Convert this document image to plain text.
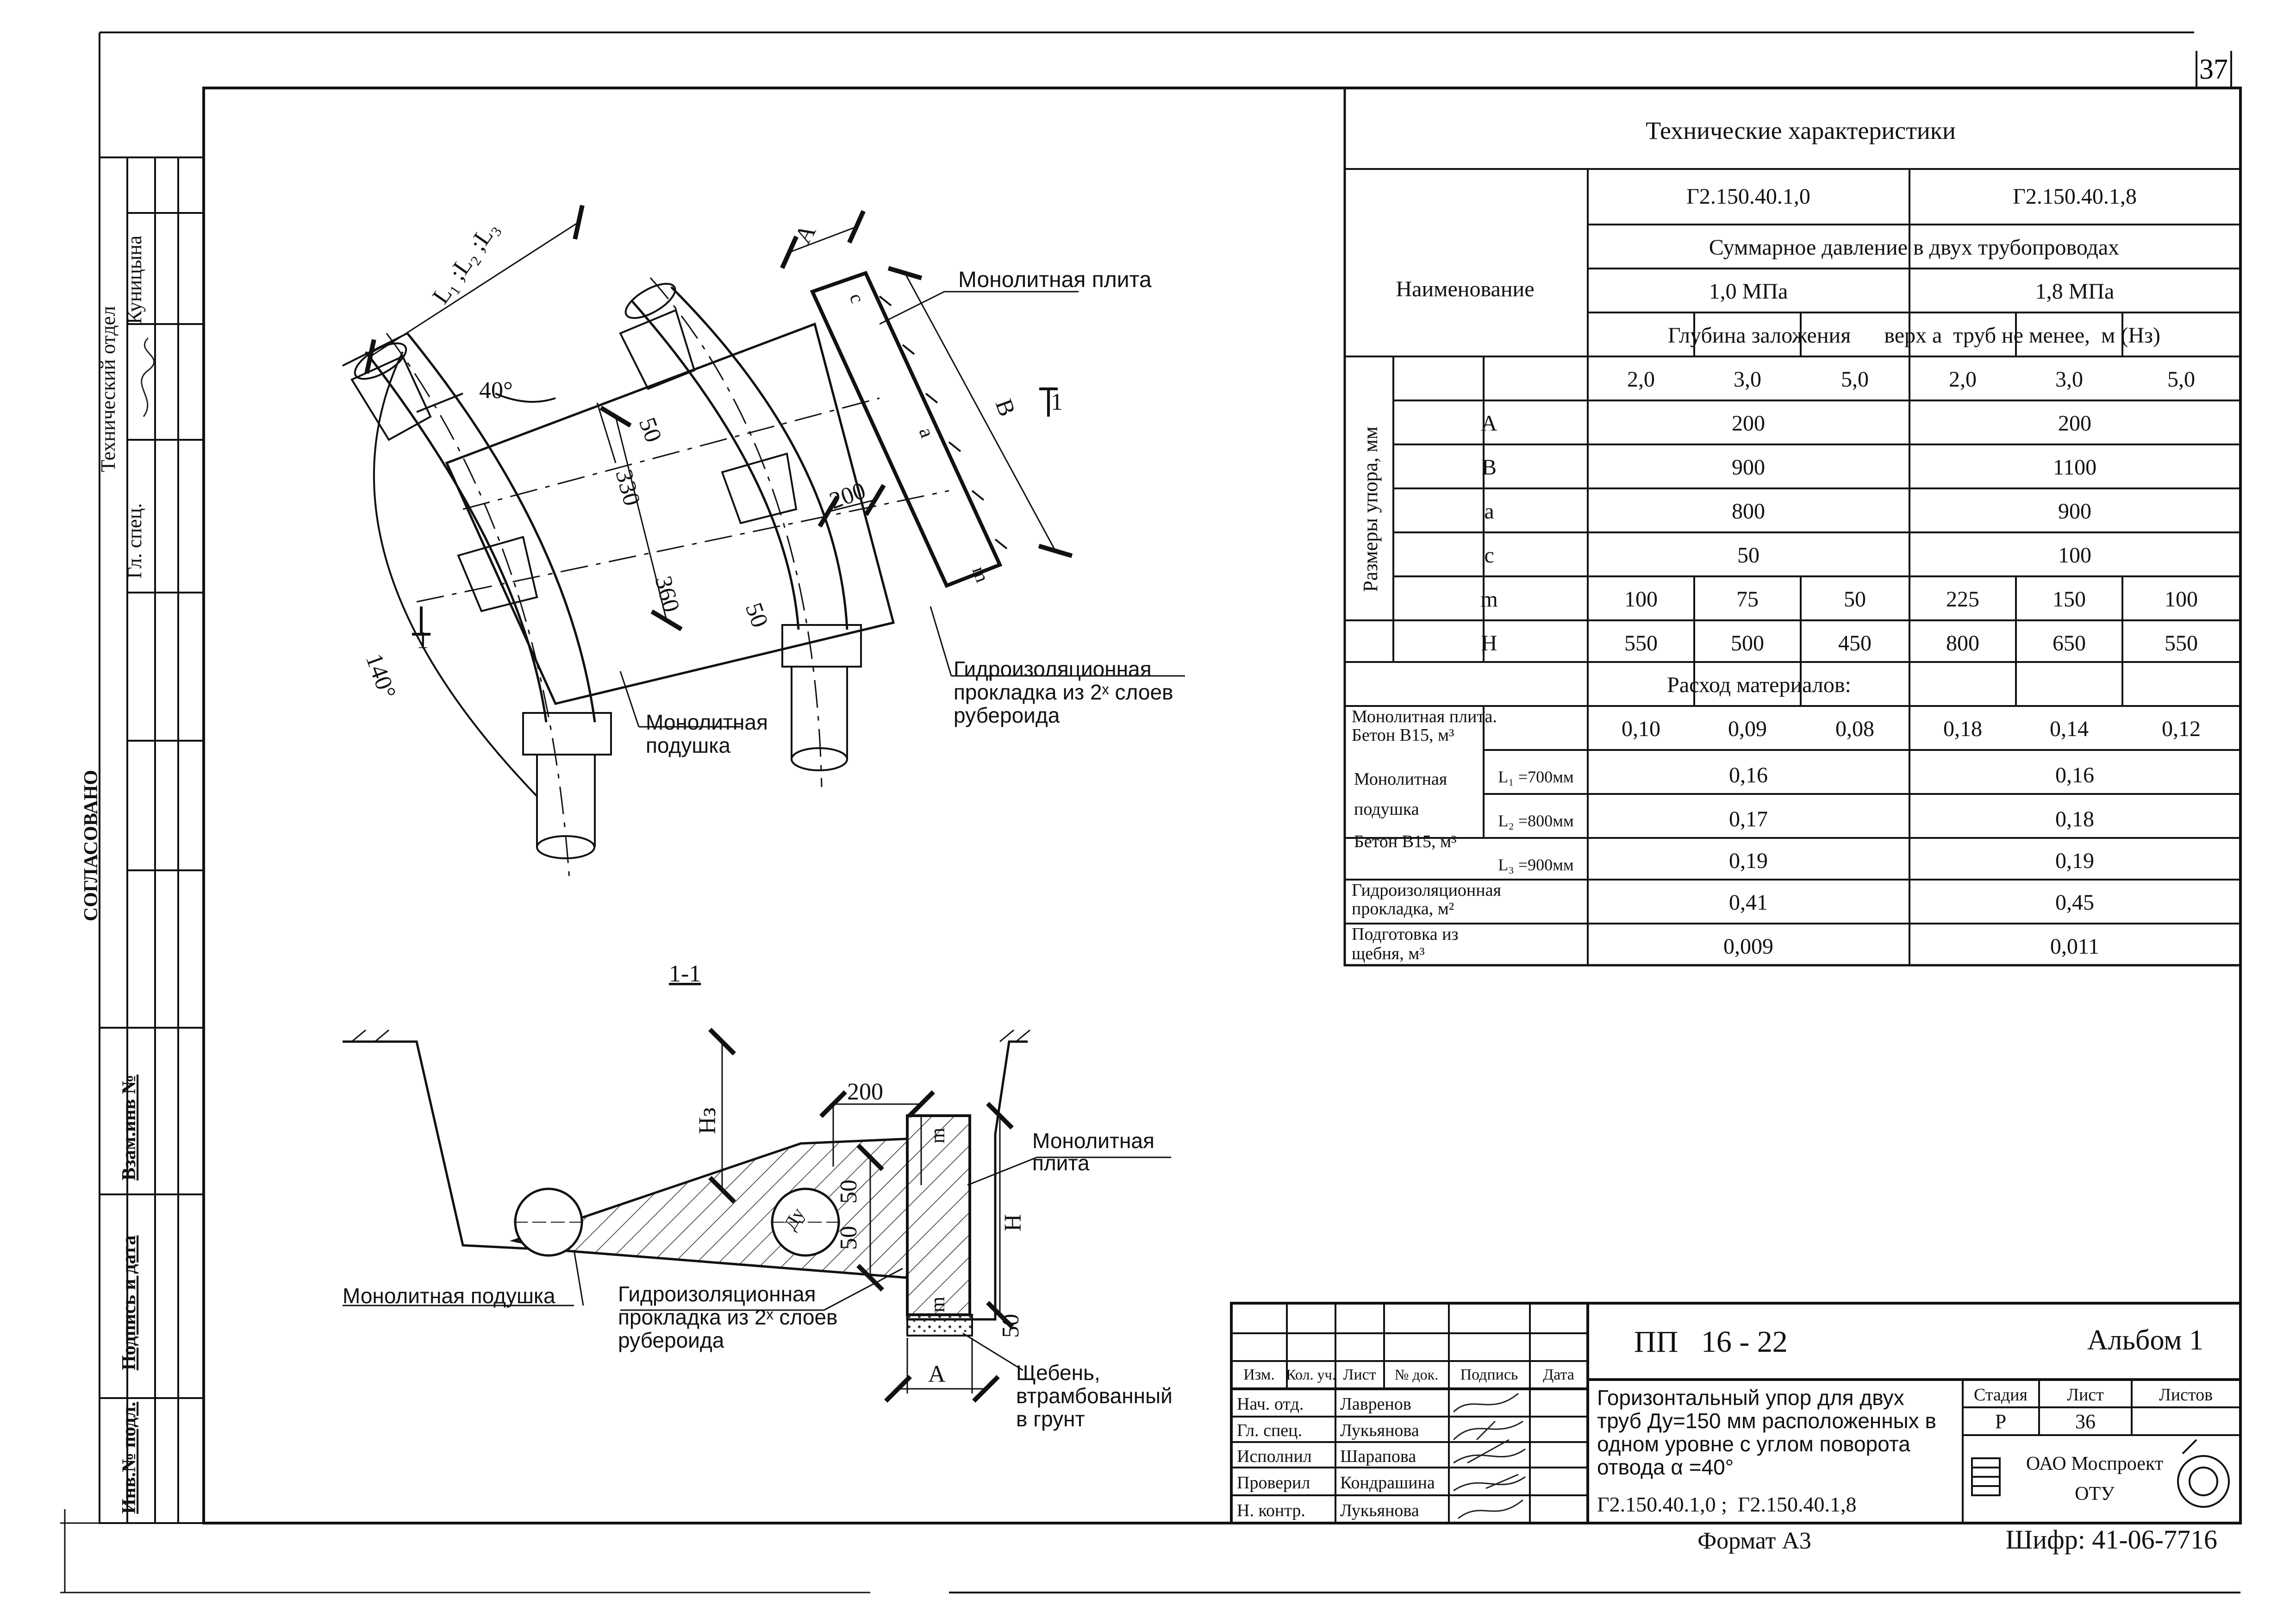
37
Технический отдел
Гл. спец.
Куницына
СОГЛАСОВАНО
Взам.инв №
Подпись и дата
Инв.№ подл.
L₁ ;L₂ ;L₃
40°
140°
А
В
а
c
m
50
50
330
360
200
1
1
Монолитная плита
Монолитная подушка
Гидроизоляционная прокладка из 2ˣ слоев рубероида
1-1
Нз
Н
200
m
m
А
Ду
50
50
50
Монолитная плита
Монолитная подушка	Гидроизоляционная прокладка из 2ˣ слоев рубероида
Щебень, втрамбованный в грунт
Технические характеристики
Наименование
Г2.150.40.1,0	Г2.150.40.1,8
Суммарное давление в двух трубопроводах
1,0 МПа	1,8 МПа
Глубина заложения      верх а  труб не менее,  м (Нз)
2,0	3,0	5,0	2,0	3,0	5,0
Размеры упора, мм
А	200	200
В	900	1100
а	800	900
с	50	100
m	100	75	50	225	150	100
Н	550	500	450	800	650	550
Расход материалов:
Монолитная плита.
Бетон В15, м³	0,10	0,09	0,08	0,18	0,14	0,12
Монолитная
подушка
Бетон В15, м³
L₁ =700мм	0,16	0,16
L₂ =800мм	0,17	0,18
L₃ =900мм	0,19	0,19
Гидроизоляционная
прокладка, м²	0,41	0,45
Подготовка из
щебня, м³	0,009	0,011
ПП   16 - 22	Альбом 1
Изм. Кол. уч. Лист № док. Подпись Дата
Нач. отд. Лавренов
Гл. спец. Лукьянова
Исполнил Шарапова
Проверил Кондрашина
Н. контр. Лукьянова
Горизонтальный упор для двух
труб Ду=150 мм расположенных в
одном уровне с углом поворота
отвода α =40°
Г2.150.40.1,0 ;  Г2.150.40.1,8
Стадия Лист	Листов
Р	36
ОАО Моспроект
ОТУ
Формат А3	Шифр: 41-06-7716
